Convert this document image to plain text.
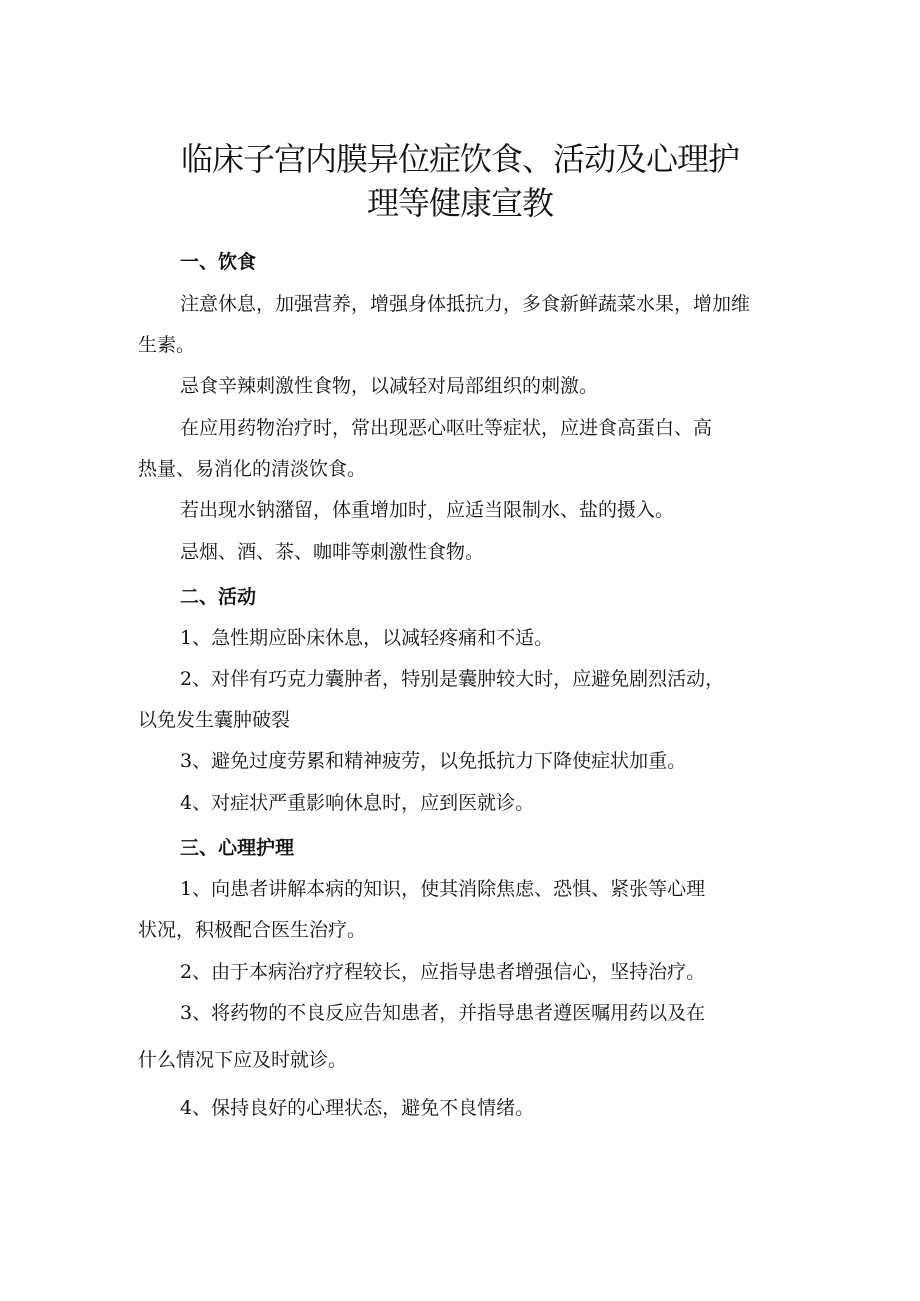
临床子宫内膜异位症饮食、活动及心理护
理等健康宣教
一、饮食

注意休息，加强营养，增强身体抵抗力，多食新鲜蔬菜水果，增加维

生素。

忌食辛辣刺激性食物，以减轻对局部组织的刺激。

在应用药物治疗时，常出现恶心呕吐等症状，应进食高蛋白、高

热量、易消化的清淡饮食。

若出现水钠潴留，体重增加时，应适当限制水、盐的摄入。

忌烟、酒、茶、咖啡等刺激性食物。

二、活动

1、急性期应卧床休息，以减轻疼痛和不适。

2、对伴有巧克力囊肿者，特别是囊肿较大时，应避免剧烈活动，

以免发生囊肿破裂

3、避免过度劳累和精神疲劳，以免抵抗力下降使症状加重。

4、对症状严重影响休息时，应到医就诊。

三、心理护理

1、向患者讲解本病的知识，使其消除焦虑、恐惧、紧张等心理

状况，积极配合医生治疗。

2、由于本病治疗疗程较长，应指导患者增强信心，坚持治疗。

3、将药物的不良反应告知患者，并指导患者遵医嘱用药以及在

什么情况下应及时就诊。

4、保持良好的心理状态，避免不良情绪。
